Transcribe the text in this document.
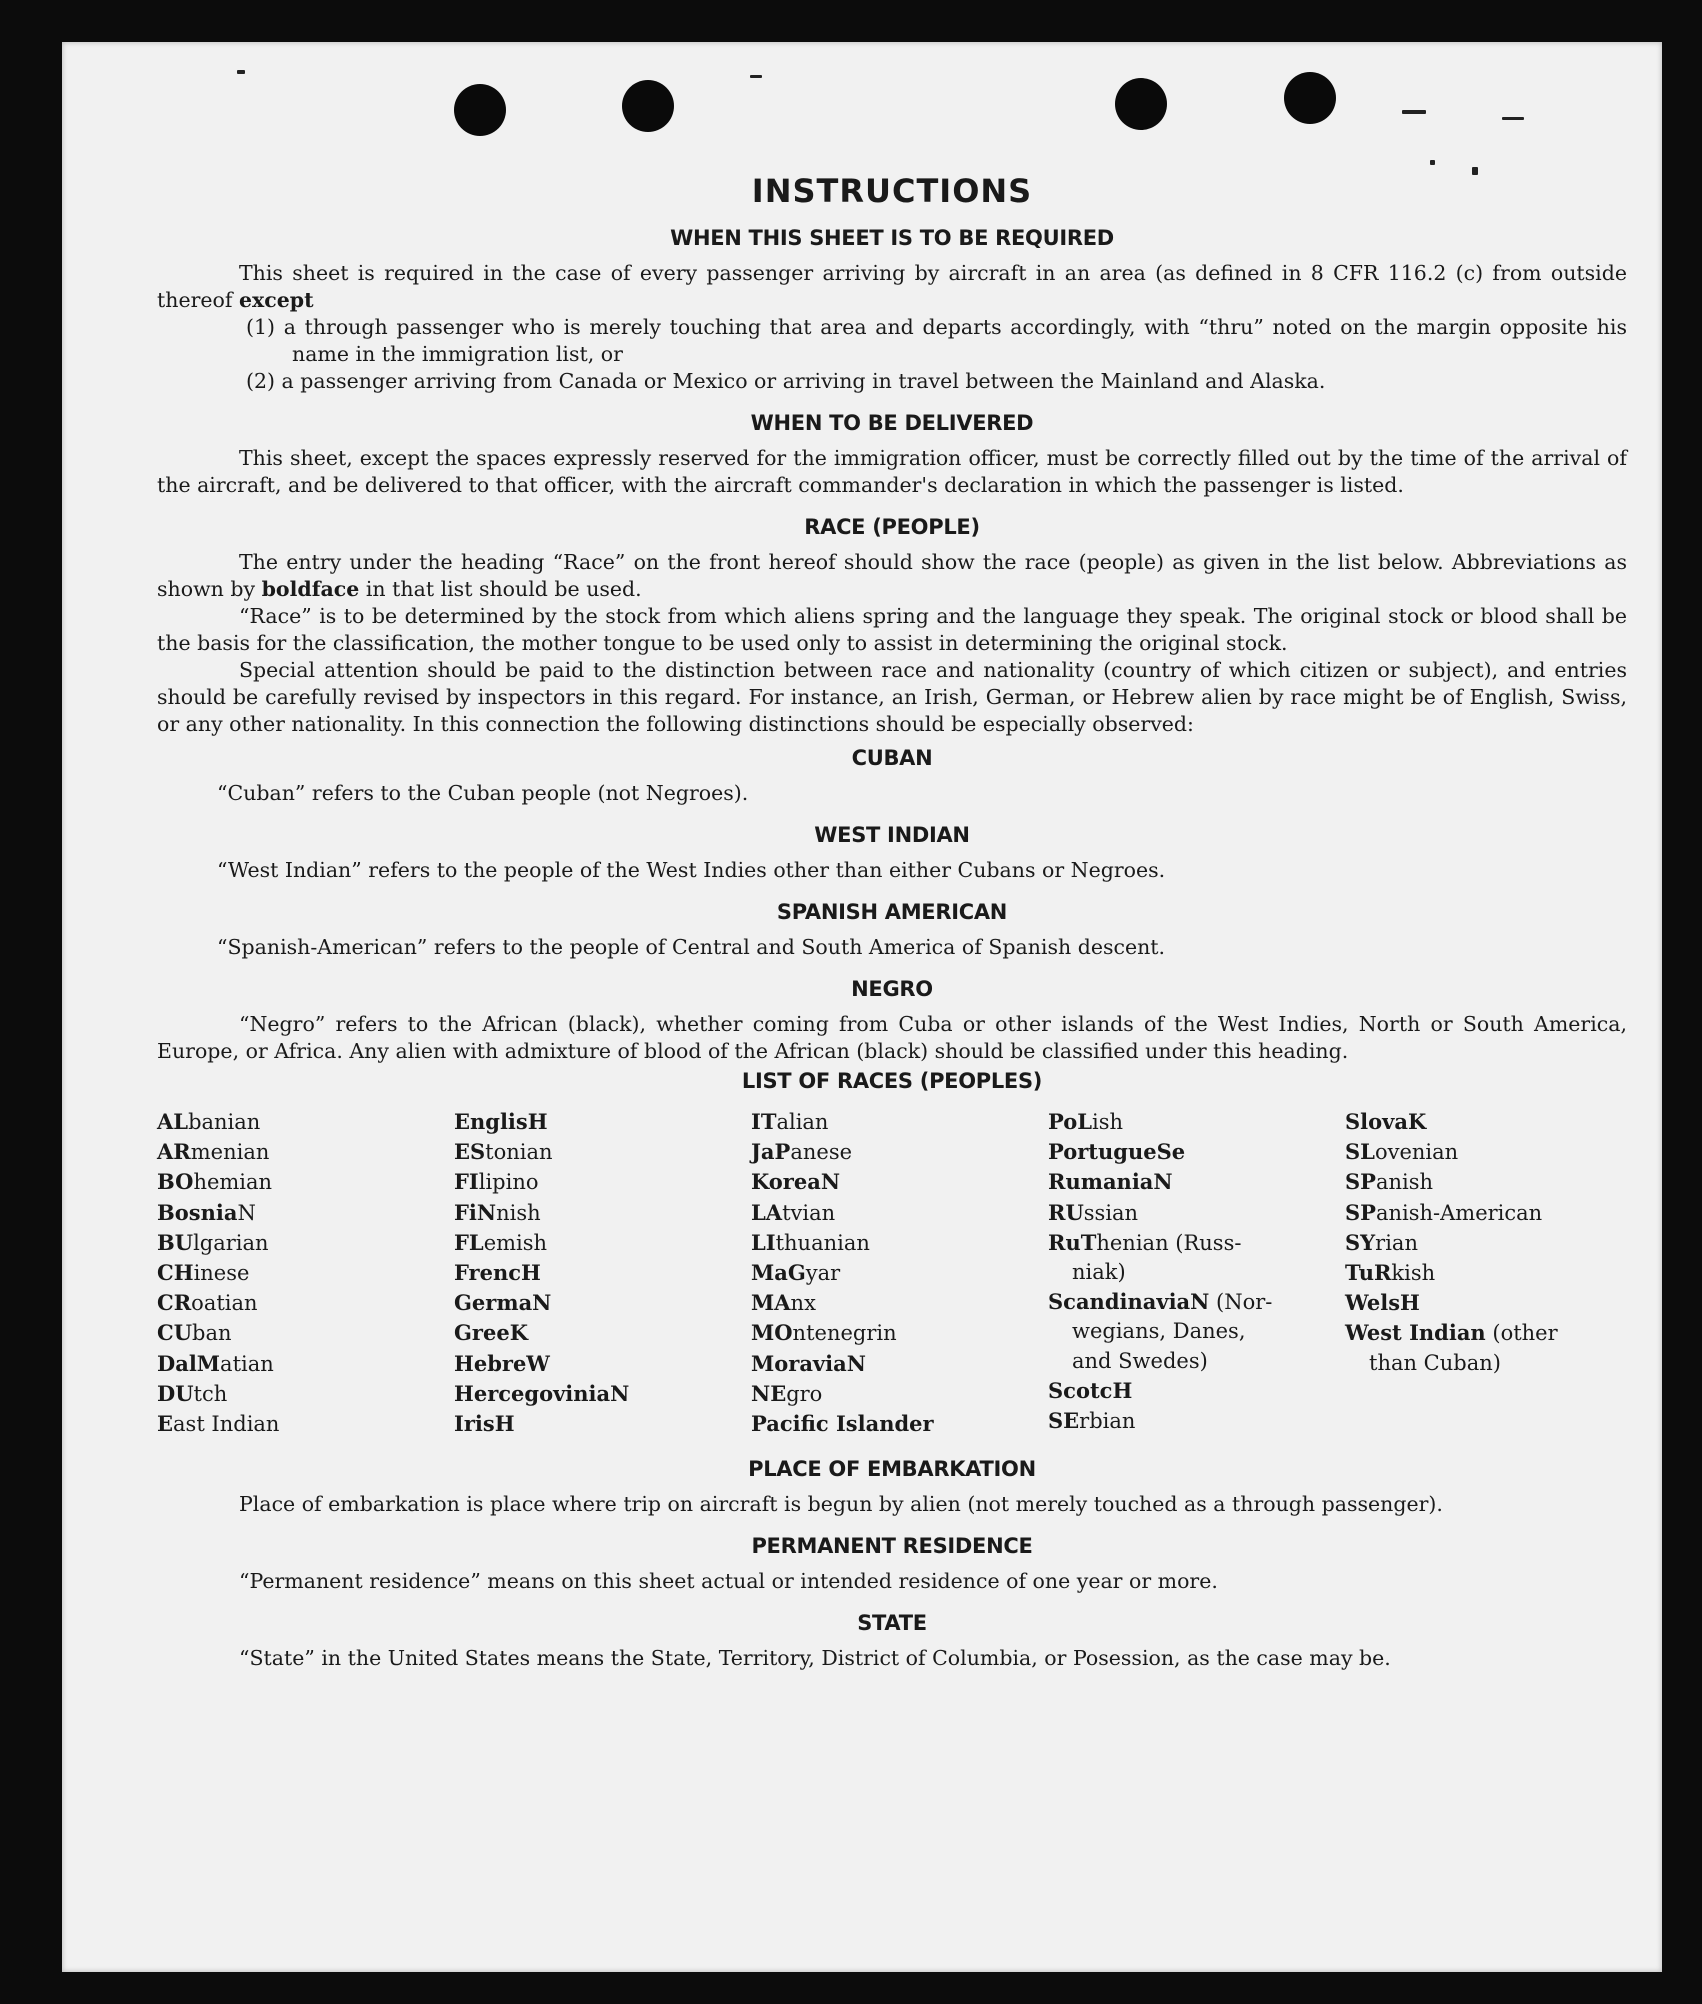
INSTRUCTIONS
WHEN THIS SHEET IS TO BE REQUIRED

This sheet is required in the case of every passenger arriving by aircraft in an area (as defined in 8 CFR 116.2 (c) from outside thereof except

(1) a through passenger who is merely touching that area and departs accordingly, with “thru” noted on the margin opposite his name in the immigration list, or
(2) a passenger arriving from Canada or Mexico or arriving in travel between the Mainland and Alaska.
WHEN TO BE DELIVERED

This sheet, except the spaces expressly reserved for the immigration officer, must be correctly filled out by the time of the arrival of the aircraft, and be delivered to that officer, with the aircraft commander's declaration in which the passenger is listed.

RACE (PEOPLE)

The entry under the heading “Race” on the front hereof should show the race (people) as given in the list below. Abbreviations as shown by boldface in that list should be used.

“Race” is to be determined by the stock from which aliens spring and the language they speak. The original stock or blood shall be the basis for the classification, the mother tongue to be used only to assist in determining the original stock.

Special attention should be paid to the distinction between race and nationality (country of which citizen or subject), and entries should be carefully revised by inspectors in this regard. For instance, an Irish, German, or Hebrew alien by race might be of English, Swiss, or any other nationality. In this connection the following distinctions should be especially observed:

CUBAN

“Cuban” refers to the Cuban people (not Negroes).

WEST INDIAN

“West Indian” refers to the people of the West Indies other than either Cubans or Negroes.

SPANISH AMERICAN

“Spanish-American” refers to the people of Central and South America of Spanish descent.

NEGRO

“Negro” refers to the African (black), whether coming from Cuba or other islands of the West Indies, North or South America, Europe, or Africa. Any alien with admixture of blood of the African (black) should be classified under this heading.

LIST OF RACES (PEOPLES)
ALbanian
ARmenian
BOhemian
BosniaN
BUlgarian
CHinese
CRoatian
CUban
DalMatian
DUtch
East Indian
EnglisH
EStonian
FIlipino
FiNnish
FLemish
FrencH
GermaN
GreeK
HebreW
HercegoviniaN
IrisH
ITalian
JaPanese
KoreaN
LAtvian
LIthuanian
MaGyar
MAnx
MOntenegrin
MoraviaN
NEgro
Pacific Islander
PoLish
PortugueSe
RumaniaN
RUssian
RuThenian (Russ-
niak)
ScandinaviaN (Nor-
wegians, Danes,
and Swedes)
ScotcH
SErbian
SlovaK
SLovenian
SPanish
SPanish-American
SYrian
TuRkish
WelsH
West Indian (other
than Cuban)
PLACE OF EMBARKATION

Place of embarkation is place where trip on aircraft is begun by alien (not merely touched as a through passenger).

PERMANENT RESIDENCE

“Permanent residence” means on this sheet actual or intended residence of one year or more.

STATE

“State” in the United States means the State, Territory, District of Columbia, or Posession, as the case may be.
